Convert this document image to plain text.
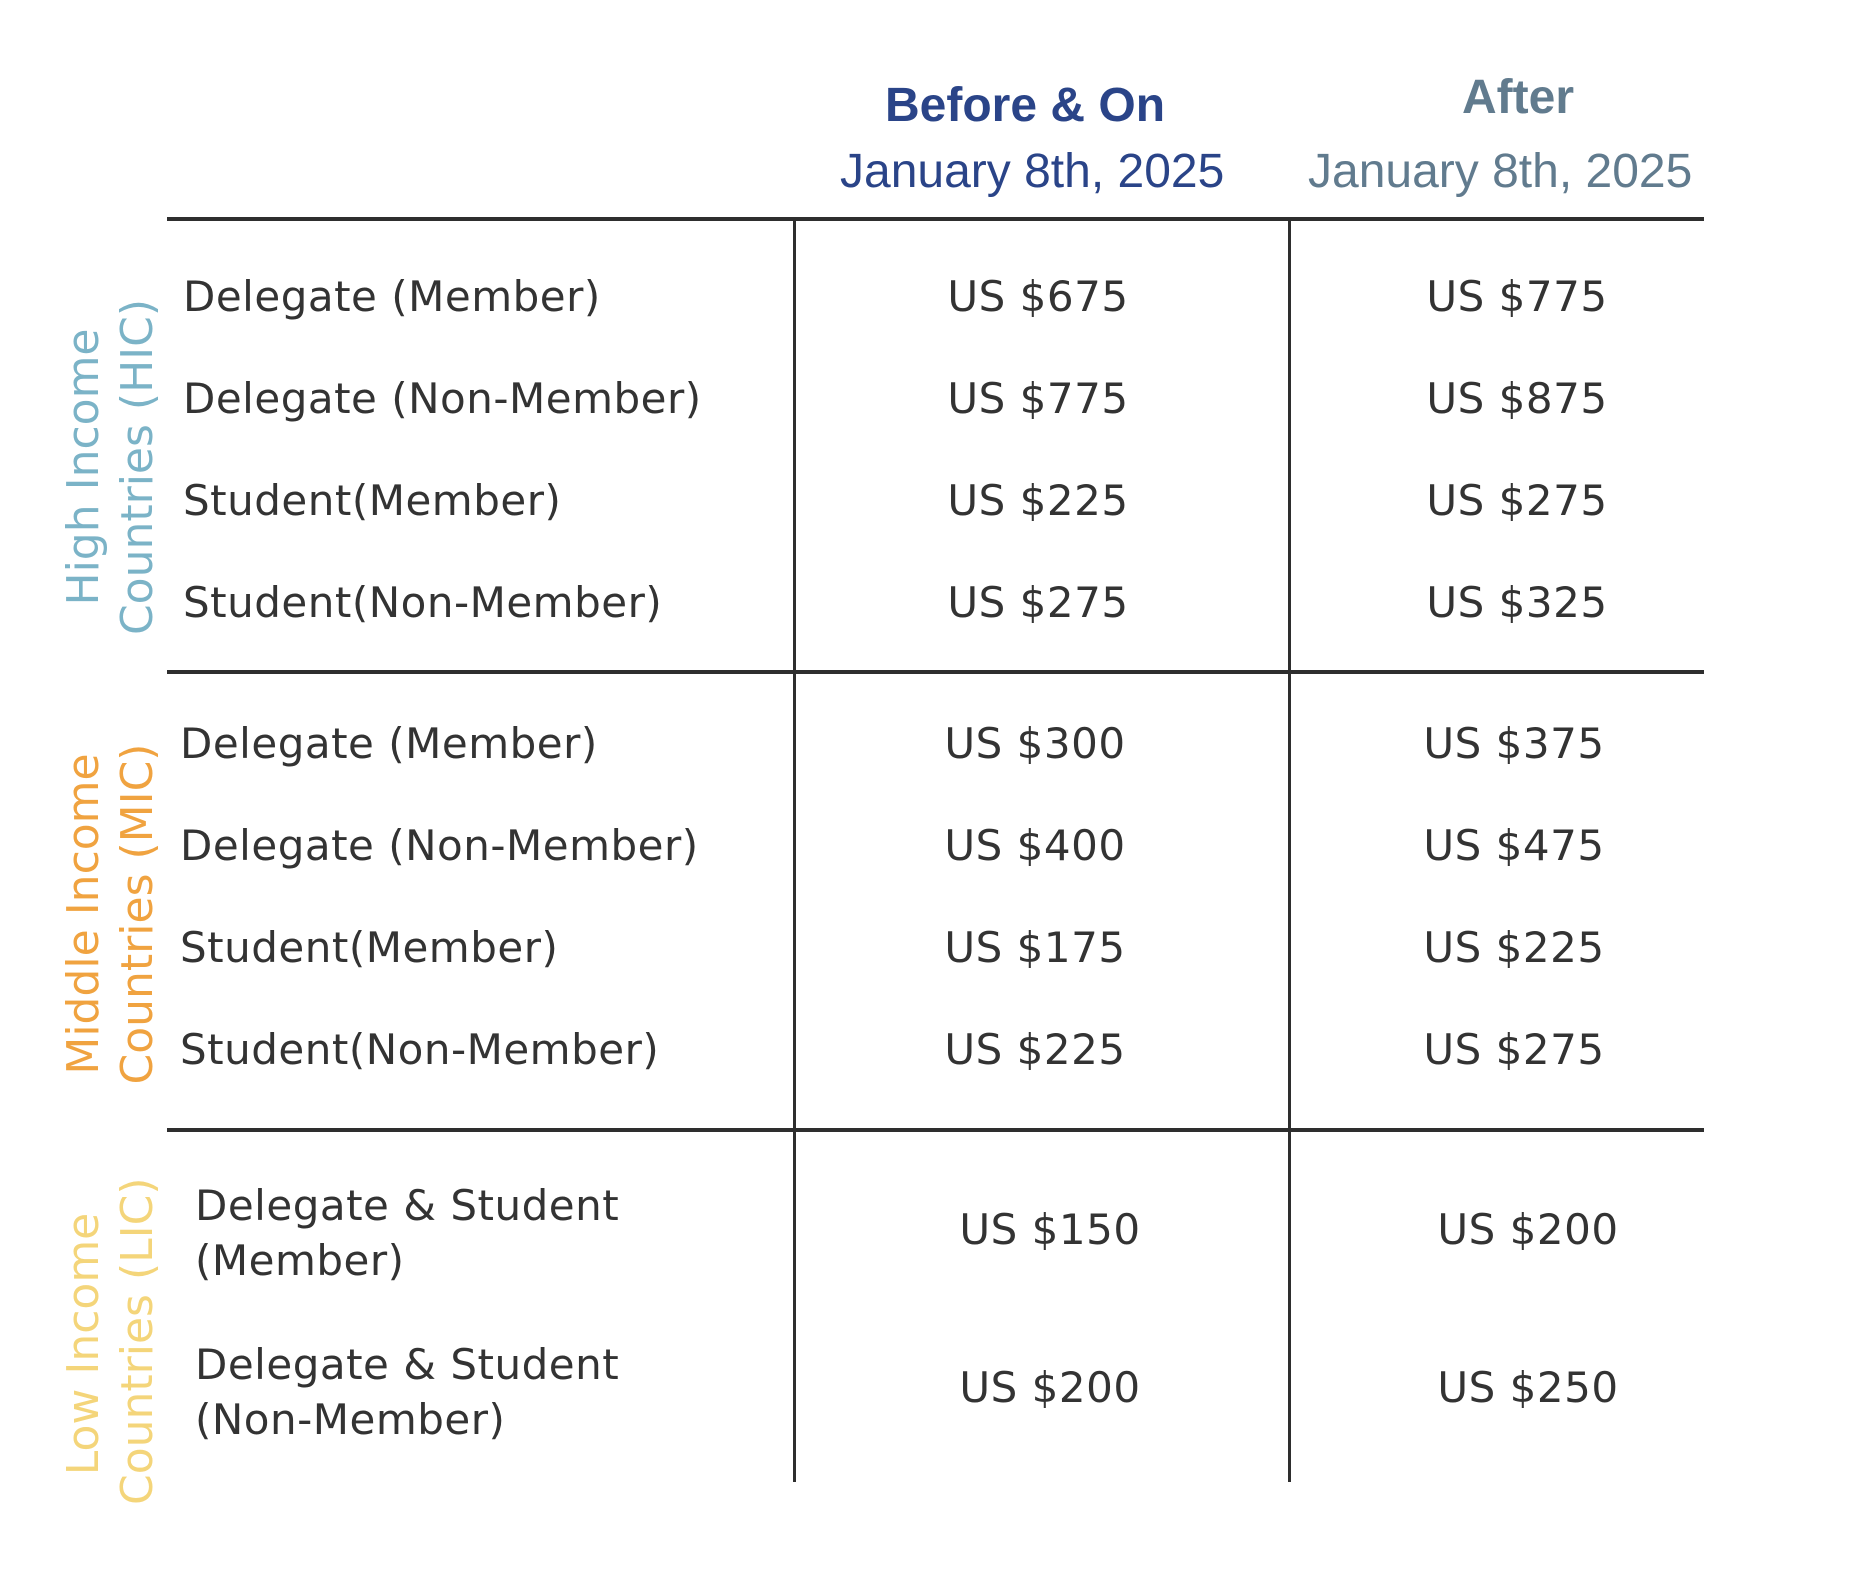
Before & On
January 8th, 2025
After
January 8th, 2025
High Income Countries (HIC)
Middle Income Countries (MIC)
Low Income Countries (LIC)
Delegate (Member)	US $675	US $775
Delegate (Non-Member)	US $775	US $875
Student(Member)	US $225	US $275
Student(Non-Member)	US $275	US $325
Delegate (Member)	US $300	US $375
Delegate (Non-Member)	US $400	US $475
Student(Member)	US $175	US $225
Student(Non-Member)	US $225	US $275
Delegate & Student
(Member)
US $150	US $200
Delegate & Student
(Non-Member)
US $200	US $250
